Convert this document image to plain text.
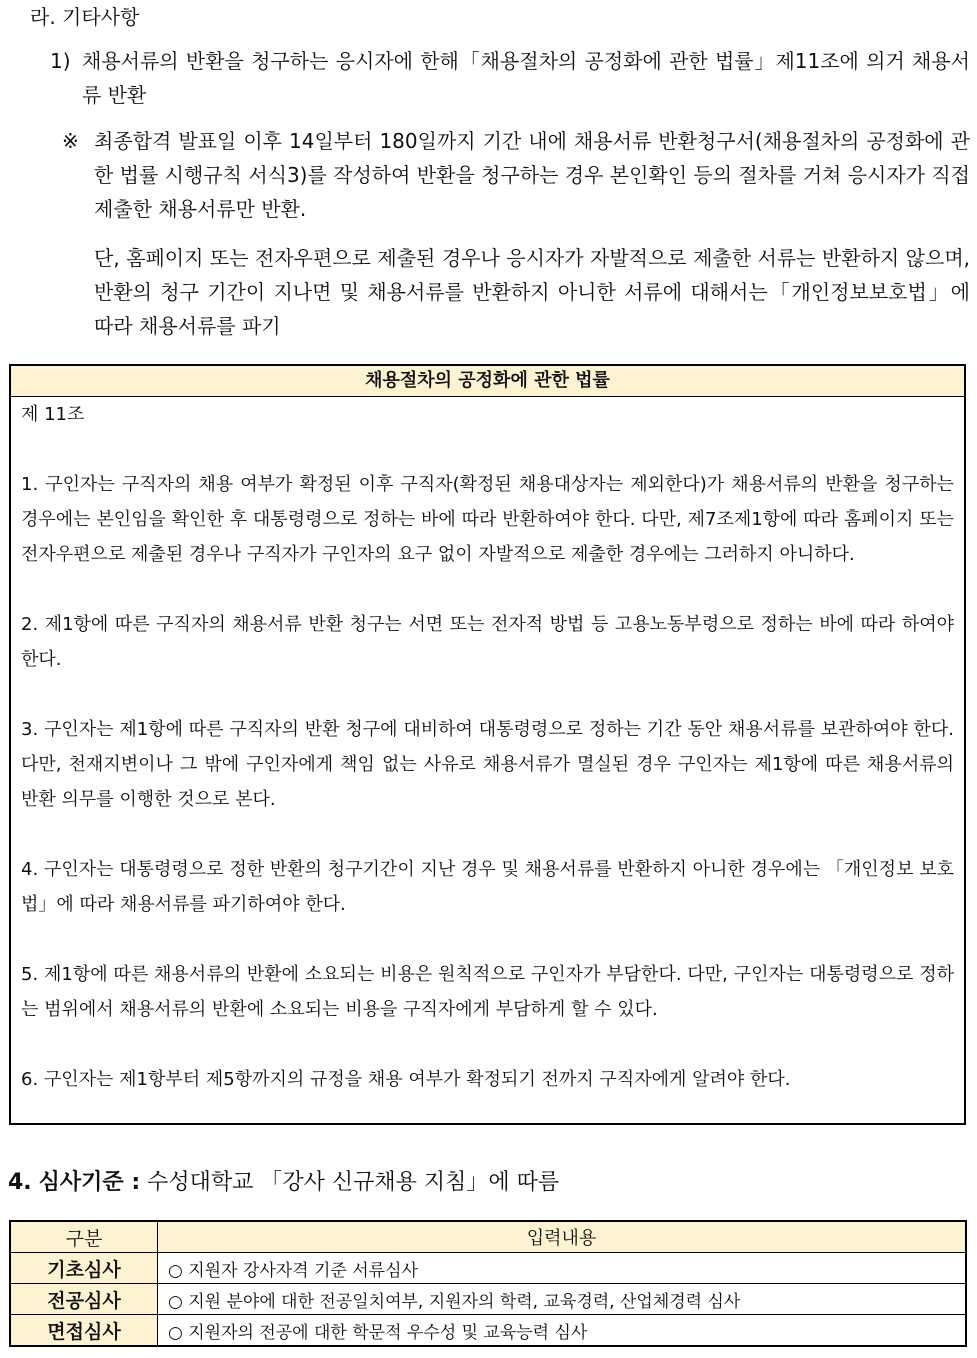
라. 기타사항
1) 채용서류의 반환을 청구하는 응시자에 한해「채용절차의 공정화에 관한 법률」제11조에 의거 채용서류 반환
※ 최종합격 발표일 이후 14일부터 180일까지 기간 내에 채용서류 반환청구서(채용절차의 공정화에 관한 법률 시행규칙 서식3)를 작성하여 반환을 청구하는 경우 본인확인 등의 절차를 거쳐 응시자가 직접 제출한 채용서류만 반환.
단, 홈페이지 또는 전자우편으로 제출된 경우나 응시자가 자발적으로 제출한 서류는 반환하지 않으며, 반환의 청구 기간이 지나면 및 채용서류를 반환하지 아니한 서류에 대해서는「개인정보보호법」에 따라 채용서류를 파기
채용절차의 공정화에 관한 법률

제 11조

1. 구인자는 구직자의 채용 여부가 확정된 이후 구직자(확정된 채용대상자는 제외한다)가 채용서류의 반환을 청구하는 경우에는 본인임을 확인한 후 대통령령으로 정하는 바에 따라 반환하여야 한다. 다만, 제7조제1항에 따라 홈페이지 또는 전자우편으로 제출된 경우나 구직자가 구인자의 요구 없이 자발적으로 제출한 경우에는 그러하지 아니하다.

2. 제1항에 따른 구직자의 채용서류 반환 청구는 서면 또는 전자적 방법 등 고용노동부령으로 정하는 바에 따라 하여야 한다.

3. 구인자는 제1항에 따른 구직자의 반환 청구에 대비하여 대통령령으로 정하는 기간 동안 채용서류를 보관하여야 한다. 다만, 천재지변이나 그 밖에 구인자에게 책임 없는 사유로 채용서류가 멸실된 경우 구인자는 제1항에 따른 채용서류의 반환 의무를 이행한 것으로 본다.

4. 구인자는 대통령령으로 정한 반환의 청구기간이 지난 경우 및 채용서류를 반환하지 아니한 경우에는 「개인정보 보호법」에 따라 채용서류를 파기하여야 한다.

5. 제1항에 따른 채용서류의 반환에 소요되는 비용은 원칙적으로 구인자가 부담한다. 다만, 구인자는 대통령령으로 정하는 범위에서 채용서류의 반환에 소요되는 비용을 구직자에게 부담하게 할 수 있다.

6. 구인자는 제1항부터 제5항까지의 규정을 채용 여부가 확정되기 전까지 구직자에게 알려야 한다.

4. 심사기준 : 수성대학교 「강사 신규채용 지침」에 따름
구분	입력내용
기초심사	○ 지원자 강사자격 기준 서류심사
전공심사	○ 지원 분야에 대한 전공일치여부, 지원자의 학력, 교육경력, 산업체경력 심사
면접심사	○ 지원자의 전공에 대한 학문적 우수성 및 교육능력 심사
